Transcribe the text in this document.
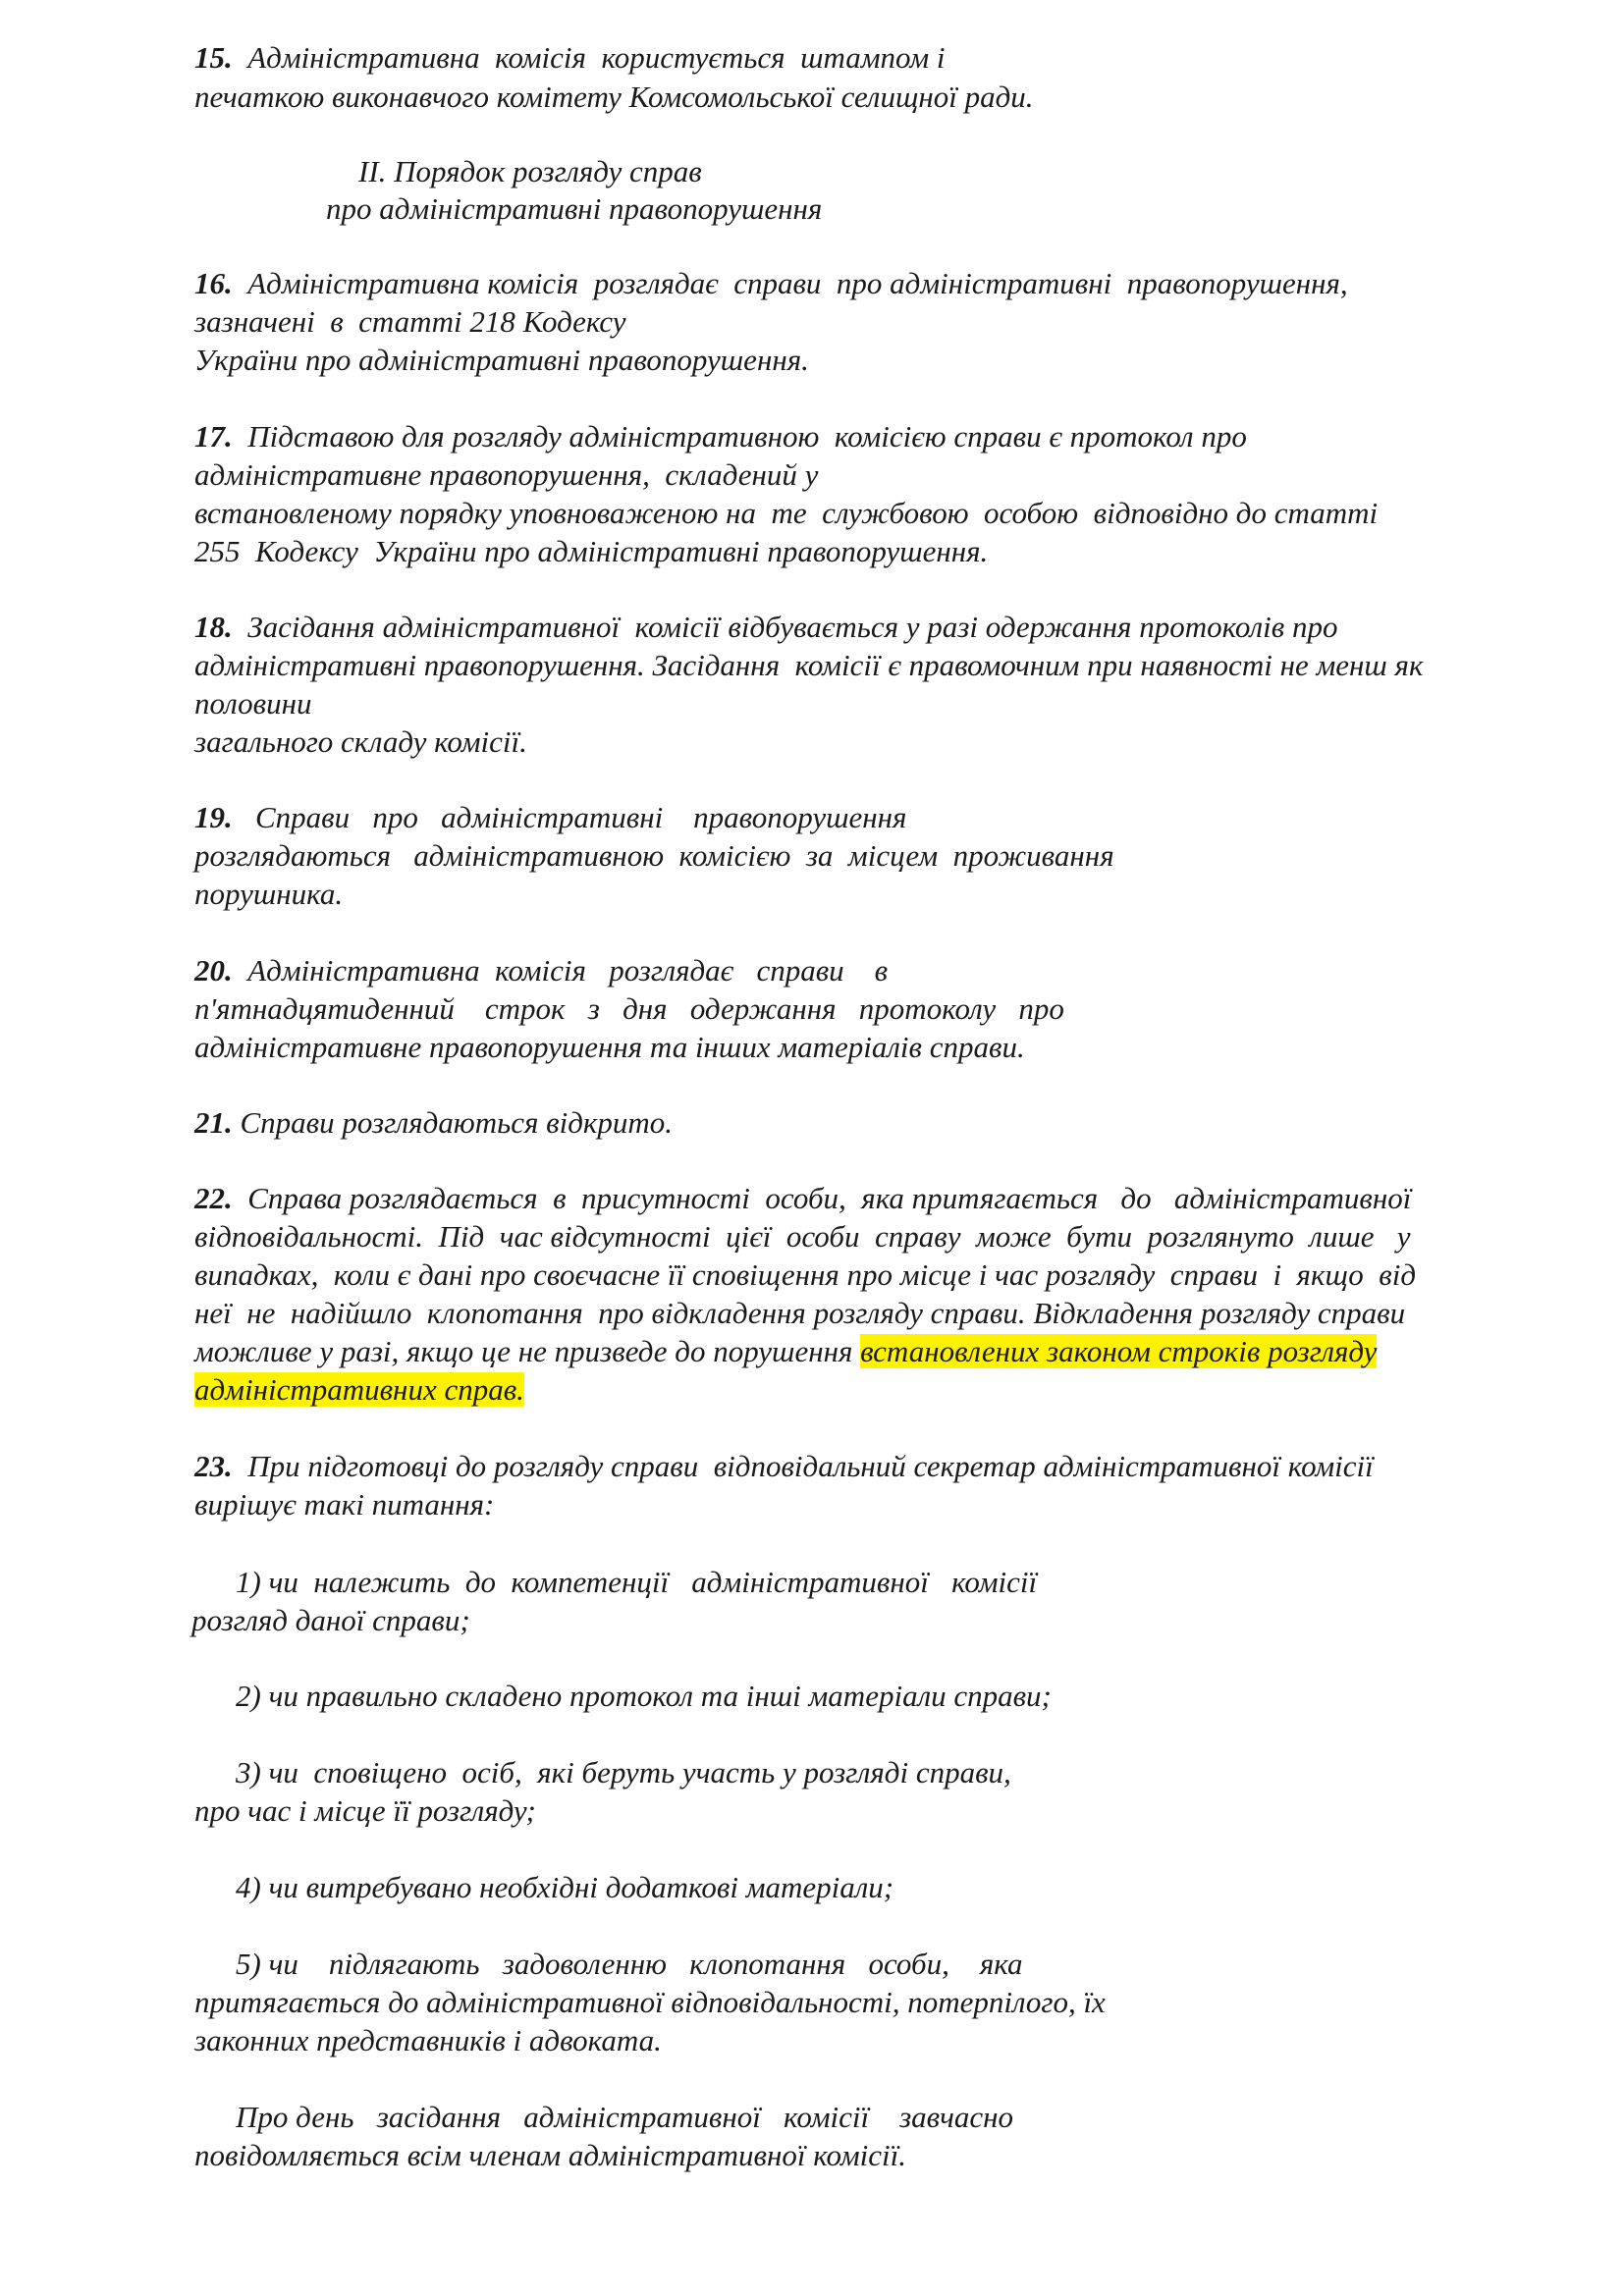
15.  Адміністративна  комісія  користується  штампом і
печаткою виконавчого комітету Комсомольської селищної ради.
II. Порядок розгляду справ
про адміністративні правопорушення
16.  Адміністративна комісія  розглядає  справи  про адміністративні  правопорушення,
зазначені  в  статті 218 Кодексу
України про адміністративні правопорушення.
17.  Підставою для розгляду адміністративною  комісією справи є протокол про
адміністративне правопорушення,  складений у
встановленому порядку уповноваженою на  те  службовою  особою  відповідно до статті
255  Кодексу  України про адміністративні правопорушення.
18.  Засідання адміністративної  комісії відбувається у разі одержання протоколів про
адміністративні правопорушення. Засідання  комісії є правомочним при наявності не менш як
половини
загального складу комісії.
19.   Справи   про   адміністративні    правопорушення
розглядаються   адміністративною  комісією  за  місцем  проживання
порушника.
20.  Адміністративна  комісія   розглядає   справи    в
п'ятнадцятиденний    строк   з   дня   одержання   протоколу   про
адміністративне правопорушення та інших матеріалів справи.
21. Справи розглядаються відкрито.
22.  Справа розглядається  в  присутності  особи,  яка притягається   до   адміністративної
відповідальності.  Під  час відсутності  цієї  особи  справу  може  бути  розглянуто  лише   у
випадках,  коли є дані про своєчасне її сповіщення про місце і час розгляду  справи  і  якщо  від
неї  не  надійшло  клопотання  про відкладення розгляду справи. Відкладення розгляду справи
можливе у разі, якщо це не призведе до порушення встановлених законом строків розгляду
адміністративних справ.
23.  При підготовці до розгляду справи  відповідальний секретар адміністративної комісії
вирішує такі питання:
1) чи  належить  до  компетенції   адміністративної   комісії
розгляд даної справи;
2) чи правильно складено протокол та інші матеріали справи;
3) чи  сповіщено  осіб,  які беруть участь у розгляді справи,
про час і місце її розгляду;
4) чи витребувано необхідні додаткові матеріали;
5) чи    підлягають   задоволенню   клопотання   особи,    яка
притягається до адміністративної відповідальності, потерпілого, їх
законних представників і адвоката.
Про день   засідання   адміністративної   комісії    завчасно
повідомляється всім членам адміністративної комісії.
